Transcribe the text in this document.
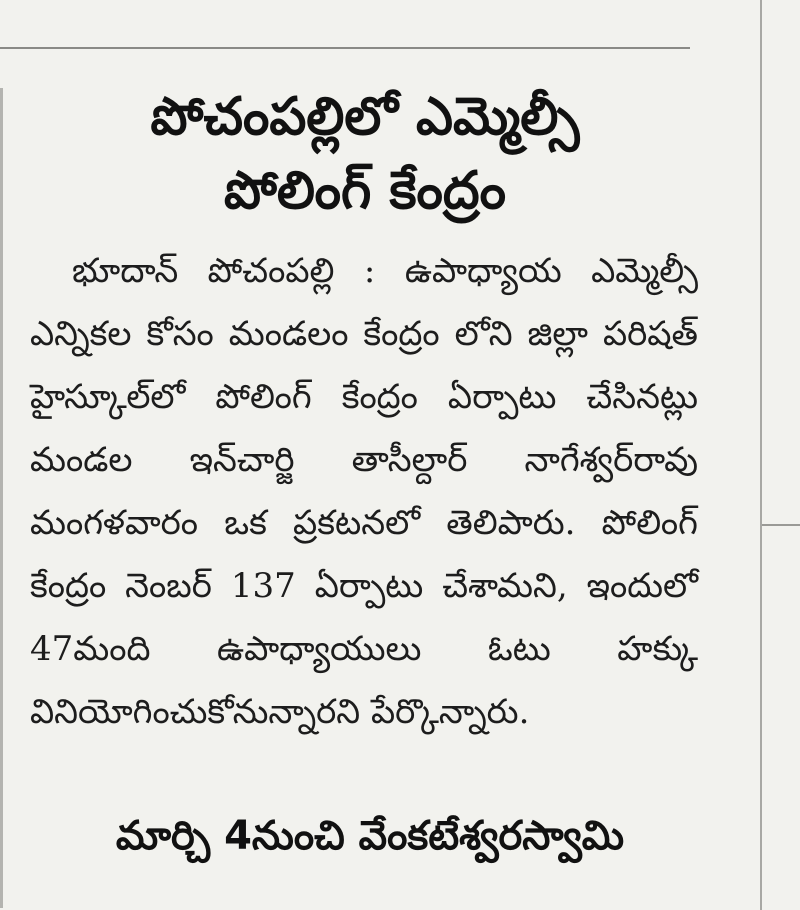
పోచంపల్లిలో ఎమ్మెల్సీ
పోలింగ్ కేంద్రం

భూదాన్ పోచంపల్లి : ఉపాధ్యాయ ఎమ్మెల్సీ ఎన్నికల కోసం మండలం కేంద్రం లోని జిల్లా పరిషత్ హైస్కూల్‌లో పోలింగ్ కేంద్రం ఏర్పాటు చేసినట్లు మండల ఇన్‌చార్జి తాసీల్దార్ నాగేశ్వర్‌రావు మంగళవారం ఒక ప్రకటనలో తెలిపారు. పోలింగ్ కేంద్రం నెంబర్ 137 ఏర్పాటు చేశామని, ఇందులో 47మంది ఉపాధ్యాయులు ఓటు హక్కు వినియోగించుకోనున్నారని పేర్కొన్నారు.

మార్చి 4నుంచి వేంకటేశ్వరస్వామి
